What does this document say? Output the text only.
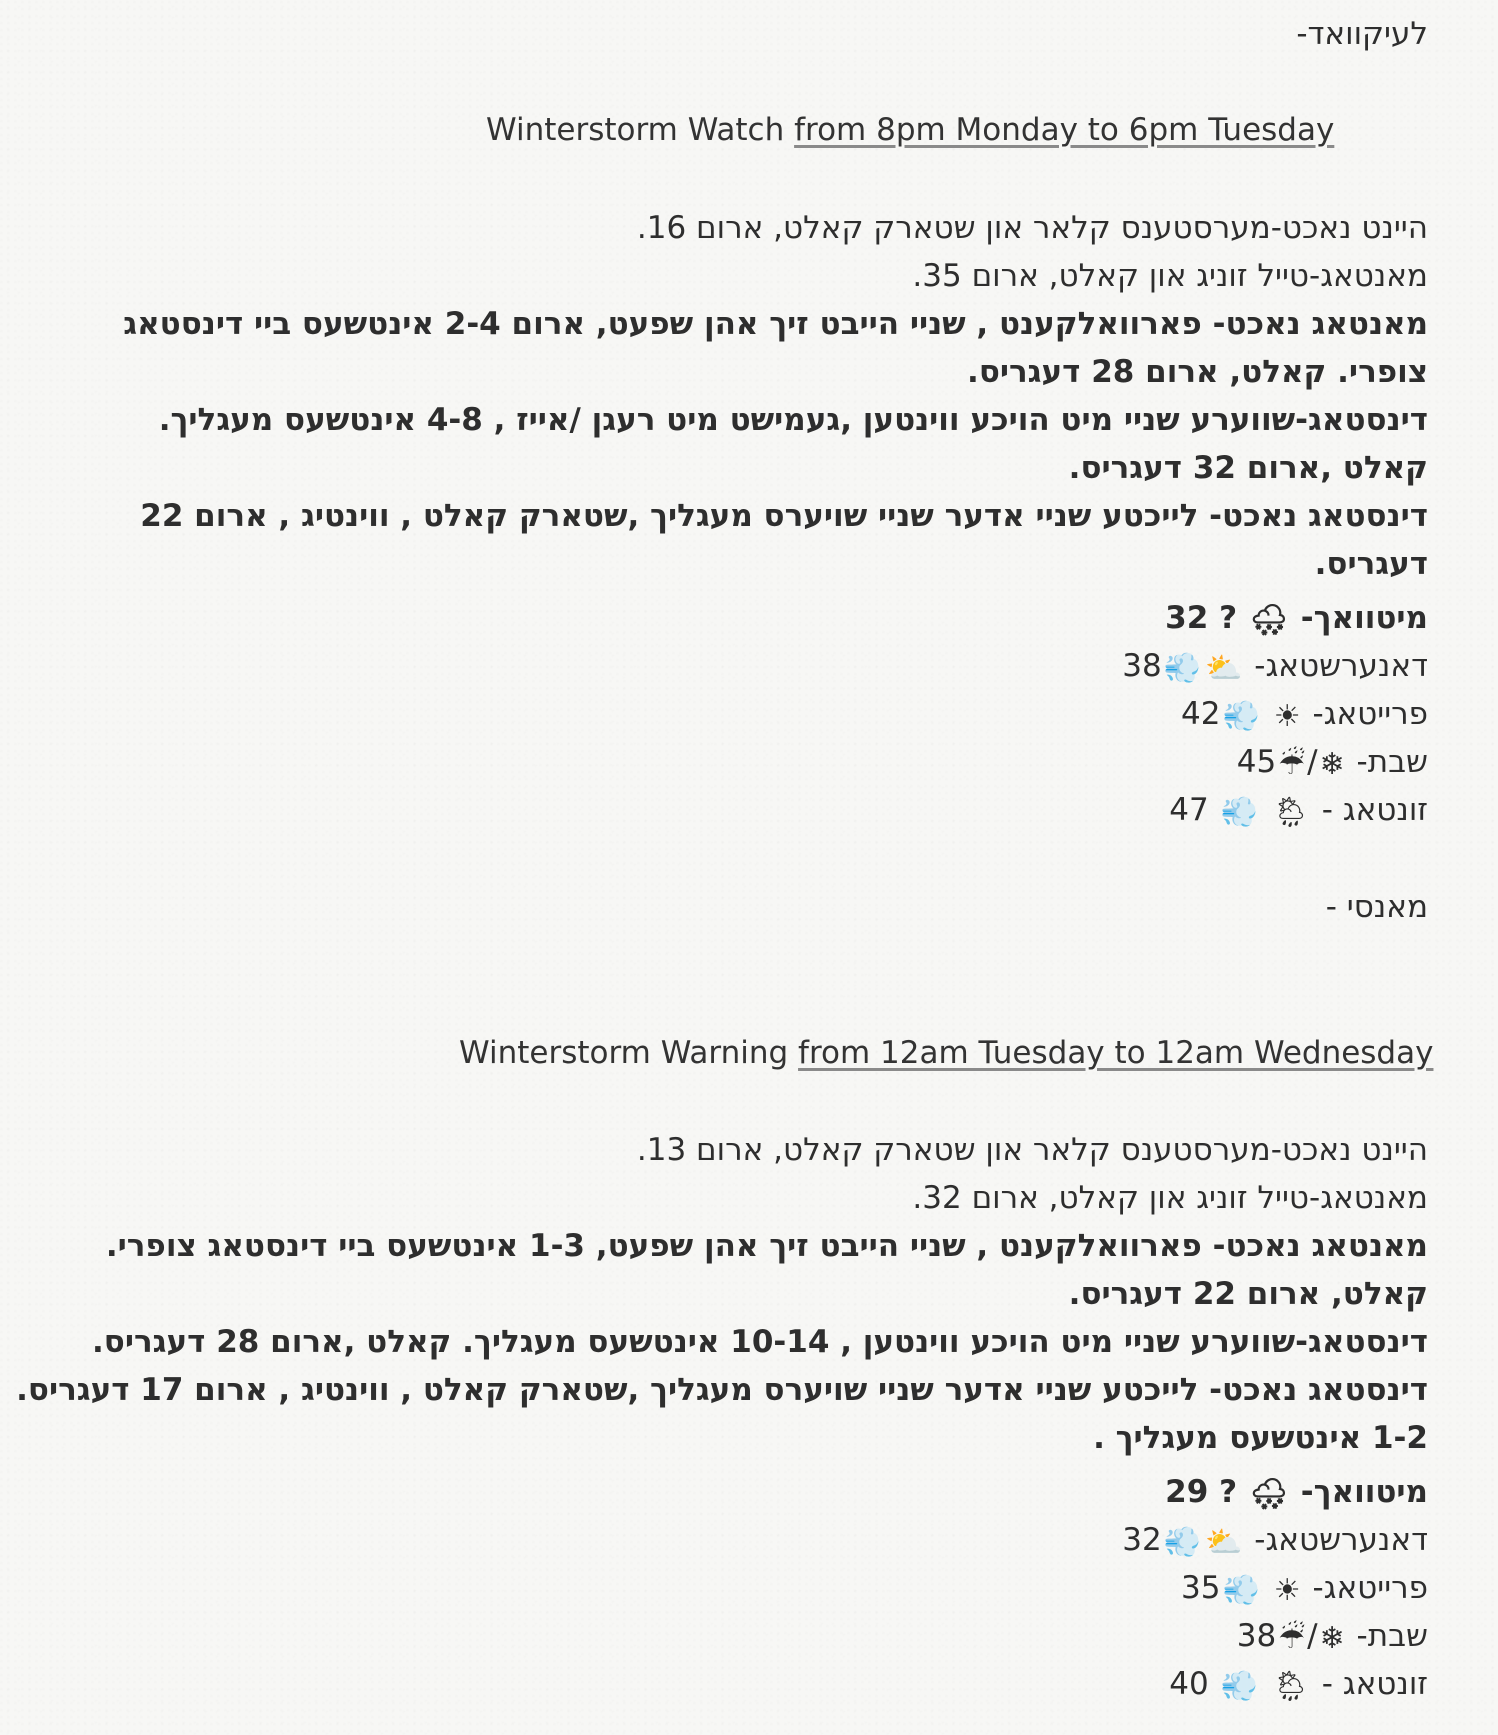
לעיקוואד-
Winterstorm Watch from 8pm Monday to 6pm Tuesday
היינט נאכט-מערסטענס קלאר און שטארק קאלט, ארום 16.
מאנטאג-טייל זוניג און קאלט, ארום 35.
מאנטאג נאכט- פארוואלקענט , שניי הייבט זיך אהן שפעט, ארום 2-4 אינטשעס ביי דינסטאג
צופרי. קאלט, ארום 28 דעגריס.
דינסטאג-שווערע שניי מיט הויכע ווינטען ,געמישט מיט רעגן /אייז , 4-8 אינטשעס מעגליך.
קאלט ,ארום 32 דעגריס.
דינסטאג נאכט- לייכטע שניי אדער שניי שויערס מעגליך ,שטארק קאלט , ווינטיג , ארום 22
דעגריס.
מיטוואך- 🌨 ? 32
דאנערשטאג- ⛅💨38
פרייטאג- ☀ 💨42
שבת- ❄/☔45
זונטאג - 🌦 💨 47
מאנסי -
Winterstorm Warning from 12am Tuesday to 12am Wednesday
היינט נאכט-מערסטענס קלאר און שטארק קאלט, ארום 13.
מאנטאג-טייל זוניג און קאלט, ארום 32.
מאנטאג נאכט- פארוואלקענט , שניי הייבט זיך אהן שפעט, 1-3 אינטשעס ביי דינסטאג צופרי.
קאלט, ארום 22 דעגריס.
דינסטאג-שווערע שניי מיט הויכע ווינטען , 10-14 אינטשעס מעגליך. קאלט ,ארום 28 דעגריס.
דינסטאג נאכט- לייכטע שניי אדער שניי שויערס מעגליך ,שטארק קאלט , ווינטיג , ארום 17 דעגריס.
1-2 אינטשעס מעגליך .
מיטוואך- 🌨 ? 29
דאנערשטאג- ⛅💨32
פרייטאג- ☀ 💨35
שבת- ❄/☔38
זונטאג - 🌦 💨 40
